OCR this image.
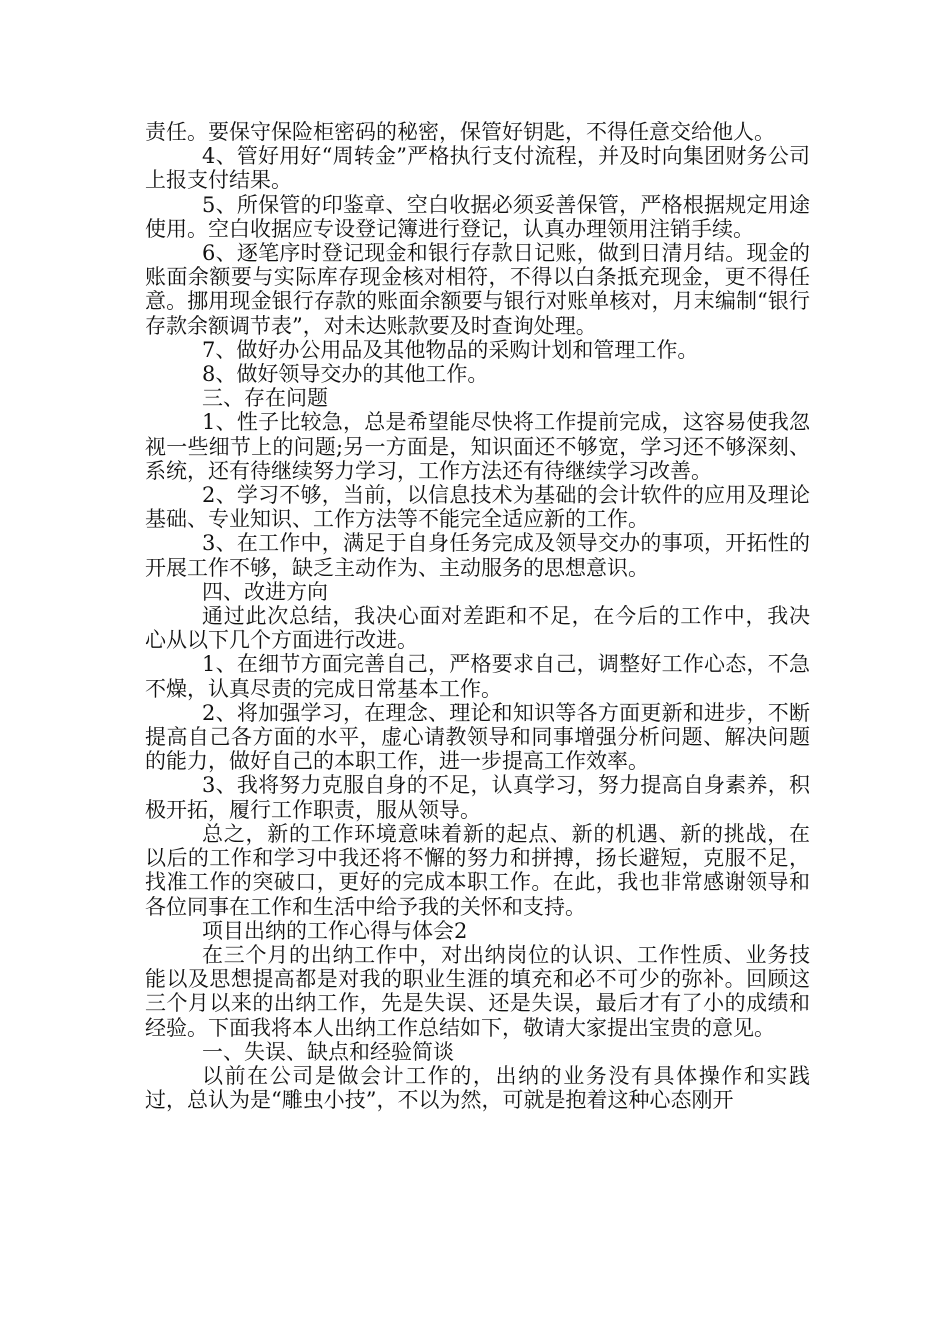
责任。要保守保险柜密码的秘密，保管好钥匙，不得任意交给他人。

4、管好用好“周转金”严格执行支付流程，并及时向集团财务公司上报支付结果。

5、所保管的印鉴章、空白收据必须妥善保管，严格根据规定用途使用。空白收据应专设登记簿进行登记，认真办理领用注销手续。

6、逐笔序时登记现金和银行存款日记账，做到日清月结。现金的账面余额要与实际库存现金核对相符，不得以白条抵充现金，更不得任意。挪用现金银行存款的账面余额要与银行对账单核对，月末编制“银行存款余额调节表”，对未达账款要及时查询处理。

7、做好办公用品及其他物品的采购计划和管理工作。

8、做好领导交办的其他工作。

三、存在问题

1、性子比较急，总是希望能尽快将工作提前完成，这容易使我忽视一些细节上的问题;另一方面是，知识面还不够宽，学习还不够深刻、系统，还有待继续努力学习，工作方法还有待继续学习改善。

2、学习不够，当前，以信息技术为基础的会计软件的应用及理论基础、专业知识、工作方法等不能完全适应新的工作。

3、在工作中，满足于自身任务完成及领导交办的事项，开拓性的开展工作不够，缺乏主动作为、主动服务的思想意识。

四、改进方向

通过此次总结，我决心面对差距和不足，在今后的工作中，我决心从以下几个方面进行改进。

1、在细节方面完善自己，严格要求自己，调整好工作心态，不急不燥，认真尽责的完成日常基本工作。

2、将加强学习，在理念、理论和知识等各方面更新和进步，不断提高自己各方面的水平，虚心请教领导和同事增强分析问题、解决问题的能力，做好自己的本职工作，进一步提高工作效率。

3、我将努力克服自身的不足，认真学习，努力提高自身素养，积极开拓，履行工作职责，服从领导。

总之，新的工作环境意味着新的起点、新的机遇、新的挑战，在以后的工作和学习中我还将不懈的努力和拼搏，扬长避短，克服不足，找准工作的突破口，更好的完成本职工作。在此，我也非常感谢领导和各位同事在工作和生活中给予我的关怀和支持。

项目出纳的工作心得与体会2

在三个月的出纳工作中，对出纳岗位的认识、工作性质、业务技能以及思想提高都是对我的职业生涯的填充和必不可少的弥补。回顾这三个月以来的出纳工作，先是失误、还是失误，最后才有了小的成绩和经验。下面我将本人出纳工作总结如下，敬请大家提出宝贵的意见。

一、失误、缺点和经验简谈

以前在公司是做会计工作的，出纳的业务没有具体操作和实践过，总认为是“雕虫小技”，不以为然，可就是抱着这种心态刚开
